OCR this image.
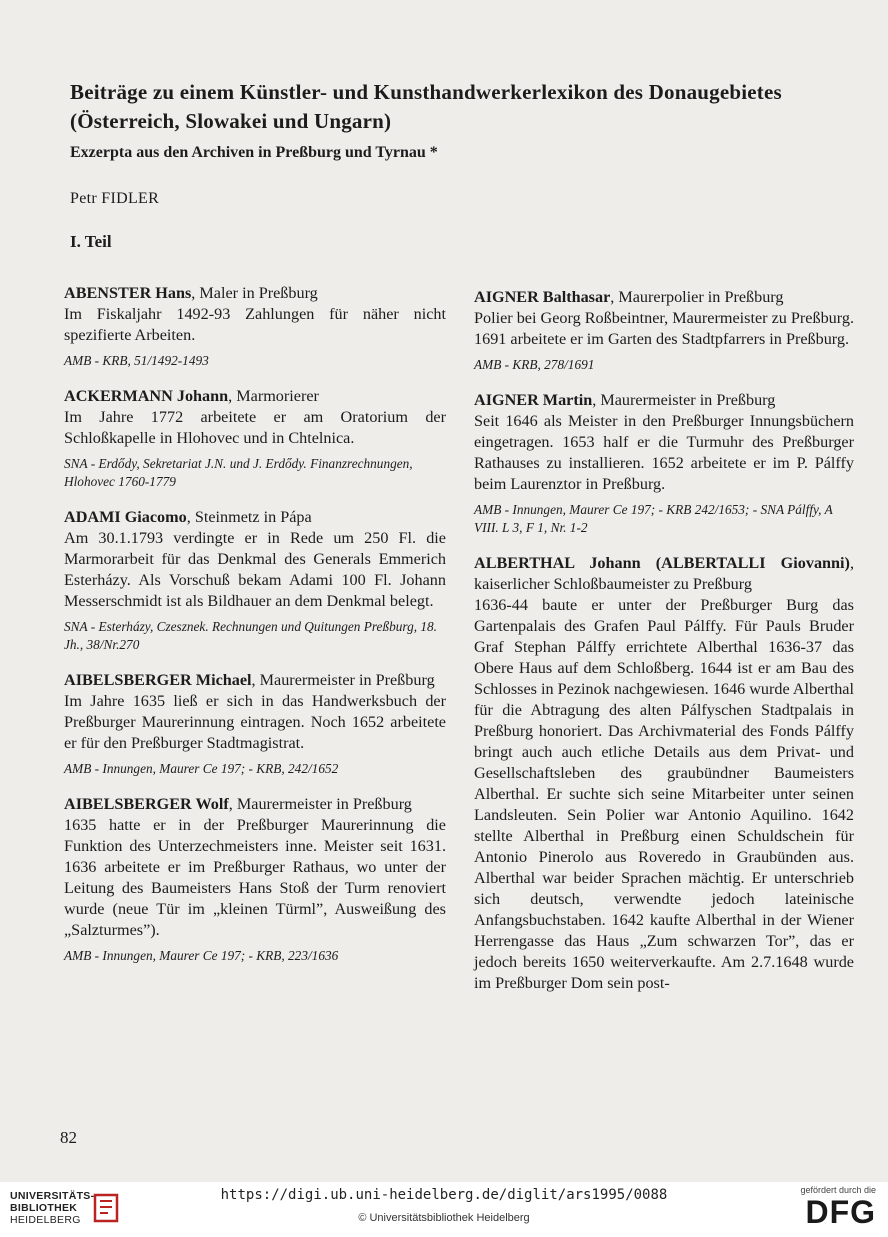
Beiträge zu einem Künstler- und Kunsthandwerkerlexikon des Donaugebietes (Österreich, Slowakei und Ungarn)
Exzerpta aus den Archiven in Preßburg und Tyrnau *
Petr FIDLER
I. Teil

ABENSTER Hans, Maler in Preßburg

Im Fiskaljahr 1492-93 Zahlungen für näher nicht spezifierte Arbeiten.

AMB - KRB, 51/1492-1493

ACKERMANN Johann, Marmorierer

Im Jahre 1772 arbeitete er am Oratorium der Schloßkapelle in Hlohovec und in Chtelnica.

SNA - Erdődy, Sekretariat J.N. und J. Erdődy. Finanzrechnungen, Hlohovec 1760-1779

ADAMI Giacomo, Steinmetz in Pápa

Am 30.1.1793 verdingte er in Rede um 250 Fl. die Marmorarbeit für das Denkmal des Generals Emmerich Esterházy. Als Vorschuß bekam Adami 100 Fl. Johann Messerschmidt ist als Bildhauer an dem Denkmal belegt.

SNA - Esterházy, Czesznek. Rechnungen und Quitungen Preßburg, 18. Jh., 38/Nr.270

AIBELSBERGER Michael, Maurermeister in Preßburg

Im Jahre 1635 ließ er sich in das Handwerksbuch der Preßburger Maurerinnung eintragen. Noch 1652 arbeitete er für den Preßburger Stadtmagistrat.

AMB - Innungen, Maurer Ce 197; - KRB, 242/1652

AIBELSBERGER Wolf, Maurermeister in Preßburg

1635 hatte er in der Preßburger Maurerinnung die Funktion des Unterzechmeisters inne. Meister seit 1631. 1636 arbeitete er im Preßburger Rathaus, wo unter der Leitung des Baumeisters Hans Stoß der Turm renoviert wurde (neue Tür im „kleinen Türml”, Ausweißung des „Salzturmes”).

AMB - Innungen, Maurer Ce 197; - KRB, 223/1636

AIGNER Balthasar, Maurerpolier in Preßburg

Polier bei Georg Roßbeintner, Maurermeister zu Preßburg. 1691 arbeitete er im Garten des Stadtpfarrers in Preßburg.

AMB - KRB, 278/1691

AIGNER Martin, Maurermeister in Preßburg

Seit 1646 als Meister in den Preßburger Innungsbüchern eingetragen. 1653 half er die Turmuhr des Preßburger Rathauses zu installieren. 1652 arbeitete er im P. Pálffy beim Laurenztor in Preßburg.

AMB - Innungen, Maurer Ce 197; - KRB 242/1653; - SNA Pálffy, A VIII. L 3, F 1, Nr. 1-2

ALBERTHAL Johann (ALBERTALLI Giovanni), kaiserlicher Schloßbaumeister zu Preßburg

1636-44 baute er unter der Preßburger Burg das Gartenpalais des Grafen Paul Pálffy. Für Pauls Bruder Graf Stephan Pálffy errichtete Alberthal 1636-37 das Obere Haus auf dem Schloßberg. 1644 ist er am Bau des Schlosses in Pezinok nachgewiesen. 1646 wurde Alberthal für die Abtragung des alten Pálfyschen Stadtpalais in Preßburg honoriert. Das Archivmaterial des Fonds Pálffy bringt auch auch etliche Details aus dem Privat- und Gesellschaftsleben des graubündner Baumeisters Alberthal. Er suchte sich seine Mitarbeiter unter seinen Landsleuten. Sein Polier war Antonio Aquilino. 1642 stellte Alberthal in Preßburg einen Schuldschein für Antonio Pinerolo aus Roveredo in Graubünden aus. Alberthal war beider Sprachen mächtig. Er unterschrieb sich deutsch, verwendte jedoch lateinische Anfangsbuchstaben. 1642 kaufte Alberthal in der Wiener Herrengasse das Haus „Zum schwarzen Tor”, das er jedoch bereits 1650 weiterverkaufte. Am 2.7.1648 wurde im Preßburger Dom sein post-

82
UNIVERSITÄTS-
BIBLIOTHEK
HEIDELBERG
https://digi.ub.uni-heidelberg.de/diglit/ars1995/0088
© Universitätsbibliothek Heidelberg
gefördert durch die
DFG
